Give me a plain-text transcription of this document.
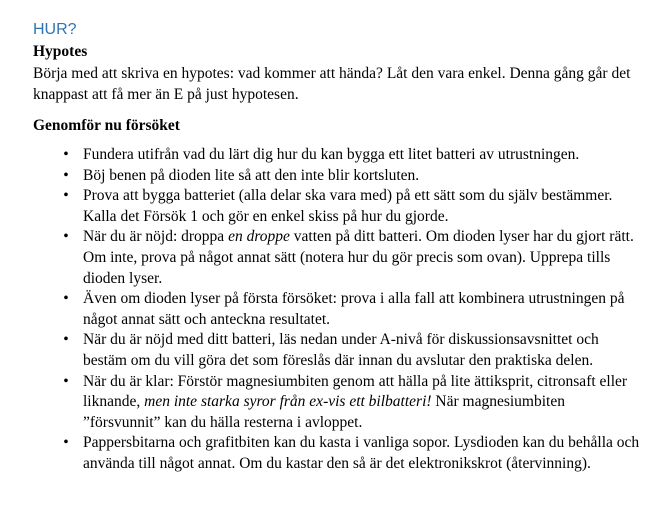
HUR?
Hypotes

Börja med att skriva en hypotes: vad kommer att hända? Låt den vara enkel. Denna gång går det knappast att få mer än E på just hypotesen.

Genomför nu försöket
• Fundera utifrån vad du lärt dig hur du kan bygga ett litet batteri av utrustningen.
• Böj benen på dioden lite så att den inte blir kortsluten.
• Prova att bygga batteriet (alla delar ska vara med) på ett sätt som du själv bestämmer. Kalla det Försök 1 och gör en enkel skiss på hur du gjorde.
• När du är nöjd: droppa en droppe vatten på ditt batteri. Om dioden lyser har du gjort rätt. Om inte, prova på något annat sätt (notera hur du gör precis som ovan). Upprepa tills dioden lyser.
• Även om dioden lyser på första försöket: prova i alla fall att kombinera utrustningen på något annat sätt och anteckna resultatet.
• När du är nöjd med ditt batteri, läs nedan under A-nivå för diskussionsavsnittet och bestäm om du vill göra det som föreslås där innan du avslutar den praktiska delen.
• När du är klar: Förstör magnesiumbiten genom att hälla på lite ättiksprit, citronsaft eller liknande, men inte starka syror från ex-vis ett bilbatteri! När magnesiumbiten ”försvunnit” kan du hälla resterna i avloppet.
• Pappersbitarna och grafitbiten kan du kasta i vanliga sopor. Lysdioden kan du behålla och använda till något annat. Om du kastar den så är det elektronikskrot (återvinning).
